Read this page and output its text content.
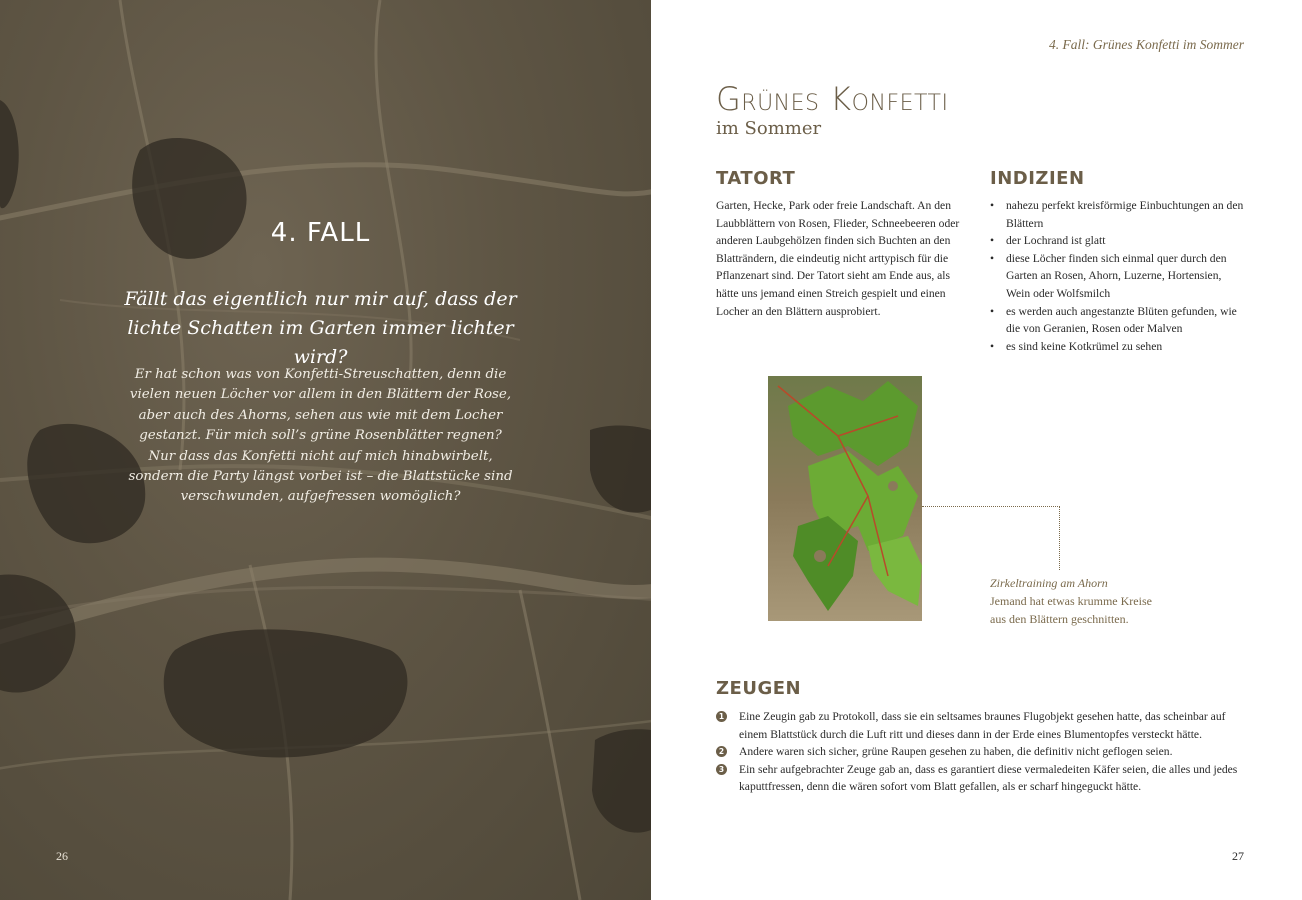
4. FALL
Fällt das eigentlich nur mir auf, dass der lichte Schatten im Garten immer lichter wird?
Er hat schon was von Konfetti-Streuschatten, denn die vielen neuen Löcher vor allem in den Blättern der Rose, aber auch des Ahorns, sehen aus wie mit dem Locher gestanzt. Für mich soll’s grüne Rosenblätter regnen? Nur dass das Konfetti nicht auf mich hinabwirbelt, sondern die Party längst vorbei ist – die Blattstücke sind verschwunden, aufgefressen womöglich?
26
4. Fall: Grünes Konfetti im Sommer
Grünes Konfetti
im Sommer
TATORT
Garten, Hecke, Park oder freie Landschaft. An den Laubblättern von Rosen, Flieder, Schneebeeren oder anderen Laubgehölzen finden sich Buchten an den Blatträndern, die eindeutig nicht arttypisch für die Pflanzenart sind. Der Tatort sieht am Ende aus, als hätte uns jemand einen Streich gespielt und einen Locher an den Blättern ausprobiert.
INDIZIEN
• nahezu perfekt kreisförmige Einbuchtungen an den Blättern
• der Lochrand ist glatt
• diese Löcher finden sich einmal quer durch den Garten an Rosen, Ahorn, Luzerne, Hortensien, Wein oder Wolfsmilch
• es werden auch angestanzte Blüten gefunden, wie die von Geranien, Rosen oder Malven
• es sind keine Kotkrümel zu sehen
Zirkeltraining am Ahorn
Jemand hat etwas krumme Kreise
aus den Blättern geschnitten.
ZEUGEN
1 Eine Zeugin gab zu Protokoll, dass sie ein seltsames braunes Flugobjekt gesehen hatte, das scheinbar auf einem Blattstück durch die Luft ritt und dieses dann in der Erde eines Blumentopfes versteckt hätte.
2 Andere waren sich sicher, grüne Raupen gesehen zu haben, die definitiv nicht geflogen seien.
3 Ein sehr aufgebrachter Zeuge gab an, dass es garantiert diese vermaledeiten Käfer seien, die alles und jedes kaputtfressen, denn die wären sofort vom Blatt gefallen, als er scharf hingeguckt hätte.
27
